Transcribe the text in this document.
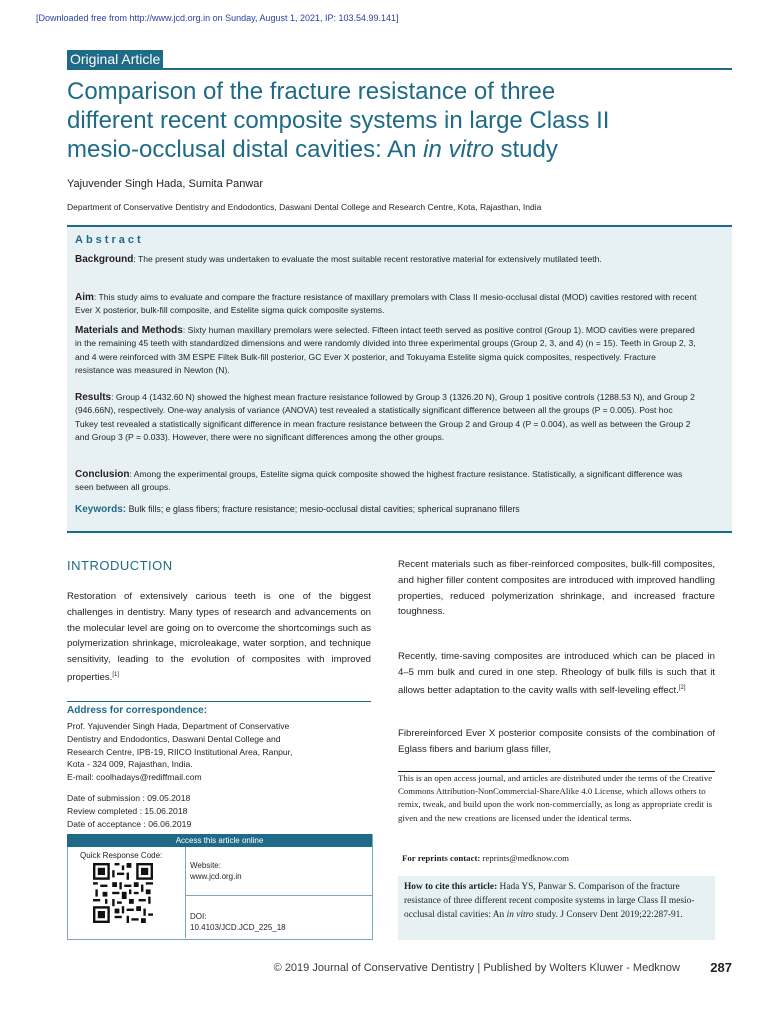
[Downloaded free from http://www.jcd.org.in on Sunday, August 1, 2021, IP: 103.54.99.141]
Original Article
Comparison of the fracture resistance of three
different recent composite systems in large Class II
mesio-occlusal distal cavities: An in vitro study
Yajuvender Singh Hada, Sumita Panwar
Department of Conservative Dentistry and Endodontics, Daswani Dental College and Research Centre, Kota, Rajasthan, India
Abstract
Background: The present study was undertaken to evaluate the most suitable recent restorative material for extensively mutilated teeth.
Aim: This study aims to evaluate and compare the fracture resistance of maxillary premolars with Class II mesio-occlusal distal (MOD) cavities restored with recent Ever X posterior, bulk-fill composite, and Estelite sigma quick composite systems.
Materials and Methods: Sixty human maxillary premolars were selected. Fifteen intact teeth served as positive control (Group 1). MOD cavities were prepared in the remaining 45 teeth with standardized dimensions and were randomly divided into three experimental groups (Group 2, 3, and 4) (n = 15). Teeth in Group 2, 3, and 4 were reinforced with 3M ESPE Filtek Bulk-fill posterior, GC Ever X posterior, and Tokuyama Estelite sigma quick composites, respectively. Fracture resistance was measured in Newton (N).
Results: Group 4 (1432.60 N) showed the highest mean fracture resistance followed by Group 3 (1326.20 N), Group 1 positive controls (1288.53 N), and Group 2 (946.66N), respectively. One-way analysis of variance (ANOVA) test revealed a statistically significant difference between all the groups (P = 0.005). Post hoc Tukey test revealed a statistically significant difference in mean fracture resistance between the Group 2 and Group 4 (P = 0.004), as well as between the Group 2 and Group 3 (P = 0.033). However, there were no significant differences among the other groups.
Conclusion: Among the experimental groups, Estelite sigma quick composite showed the highest fracture resistance. Statistically, a significant difference was seen between all groups.
Keywords: Bulk fills; e glass fibers; fracture resistance; mesio-occlusal distal cavities; spherical supranano fillers
INTRODUCTION
Restoration of extensively carious teeth is one of the biggest challenges in dentistry. Many types of research and advancements on the molecular level are going on to overcome the shortcomings such as polymerization shrinkage, microleakage, water sorption, and technique sensitivity, leading to the evolution of composites with improved properties.[1]
Recent materials such as fiber-reinforced composites, bulk-fill composites, and higher filler content composites are introduced with improved handling properties, reduced polymerization shrinkage, and increased fracture toughness.
Recently, time-saving composites are introduced which can be placed in 4–5 mm bulk and cured in one step. Rheology of bulk fills is such that it allows better adaptation to the cavity walls with self-leveling effect.[2]
Fibrereinforced Ever X posterior composite consists of the combination of Eglass fibers and barium glass filler,
Address for correspondence:
Prof. Yajuvender Singh Hada, Department of Conservative
Dentistry and Endodontics, Daswani Dental College and
Research Centre, IPB-19, RIICO Institutional Area, Ranpur,
Kota - 324 009, Rajasthan, India.
E-mail: coolhadays@rediffmail.com
Date of submission : 09.05.2018
Review completed : 15.06.2018
Date of acceptance : 06.06.2019
Access this article online
Quick Response Code:
Website:
www.jcd.org.in
DOI:
10.4103/JCD.JCD_225_18
This is an open access journal, and articles are distributed under the terms of the Creative Commons Attribution-NonCommercial-ShareAlike 4.0 License, which allows others to remix, tweak, and build upon the work non-commercially, as long as appropriate credit is given and the new creations are licensed under the identical terms.
For reprints contact: reprints@medknow.com
How to cite this article: Hada YS, Panwar S. Comparison of the fracture resistance of three different recent composite systems in large Class II mesio-occlusal distal cavities: An in vitro study. J Conserv Dent 2019;22:287-91.
© 2019 Journal of Conservative Dentistry | Published by Wolters Kluwer - Medknow 287
